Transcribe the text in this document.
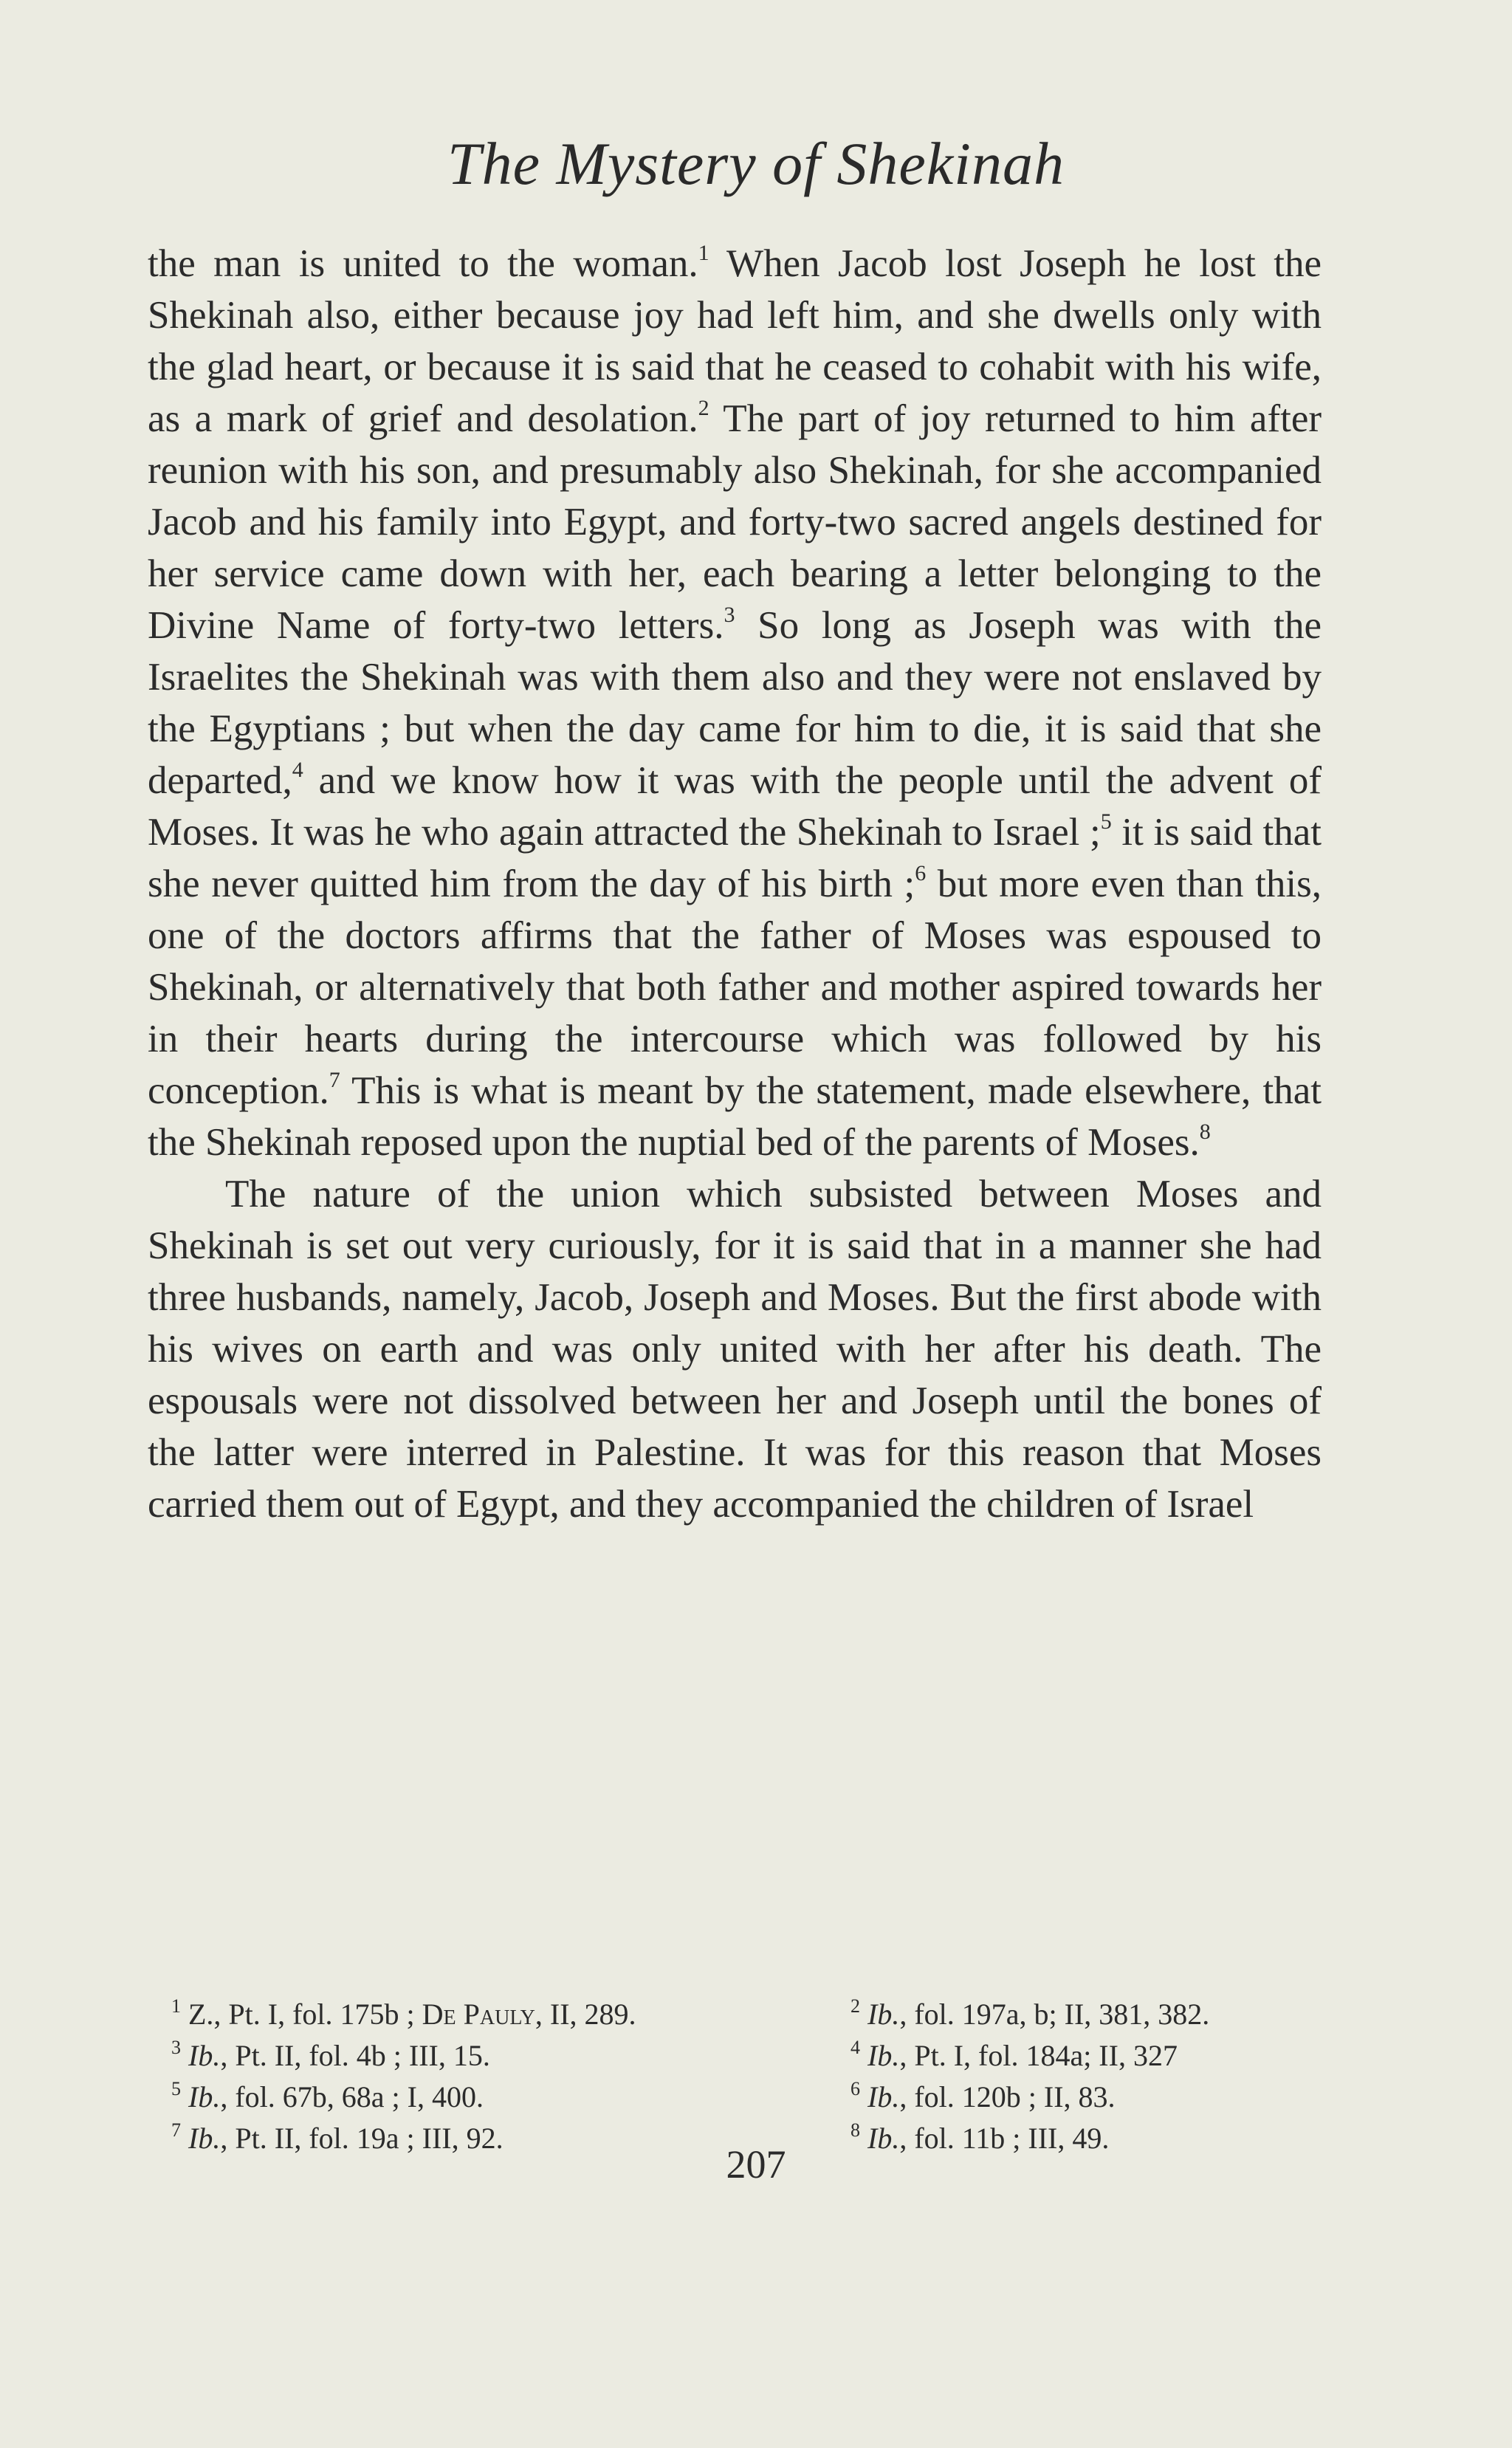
The Mystery of Shekinah

the man is united to the woman.$^1$ When Jacob lost Joseph he lost the Shekinah also, either because joy had left him, and she dwells only with the glad heart, or because it is said that he ceased to cohabit with his wife, as a mark of grief and desolation.$^2$ The part of joy returned to him after reunion with his son, and presumably also Shekinah, for she accompanied Jacob and his family into Egypt, and forty-two sacred angels destined for her service came down with her, each bearing a letter belonging to the Divine Name of forty-two letters.$^3$ So long as Joseph was with the Israelites the Shekinah was with them also and they were not enslaved by the Egyptians ; but when the day came for him to die, it is said that she departed,$^4$ and we know how it was with the people until the advent of Moses. It was he who again attracted the Shekinah to Israel ;$^5$ it is said that she never quitted him from the day of his birth ;$^6$ but more even than this, one of the doctors affirms that the father of Moses was espoused to Shekinah, or alternatively that both father and mother aspired towards her in their hearts during the intercourse which was followed by his conception.$^7$ This is what is meant by the statement, made elsewhere, that the Shekinah reposed upon the nuptial bed of the parents of Moses.$^8$

The nature of the union which subsisted between Moses and Shekinah is set out very curiously, for it is said that in a manner she had three husbands, namely, Jacob, Joseph and Moses. But the first abode with his wives on earth and was only united with her after his death. The espousals were not dissolved between her and Joseph until the bones of the latter were interred in Palestine. It was for this reason that Moses carried them out of Egypt, and they accompanied the children of Israel

$^1$ Z., Pt. I, fol. 175b ; De Pauly, II, 289.	$^2$ Ib., fol. 197a, b; II, 381, 382.
$^3$ Ib., Pt. II, fol. 4b ; III, 15.	$^4$ Ib., Pt. I, fol. 184a; II, 327
$^5$ Ib., fol. 67b, 68a ; I, 400.	$^6$ Ib., fol. 120b ; II, 83.
$^7$ Ib., Pt. II, fol. 19a ; III, 92.	$^8$ Ib., fol. 11b ; III, 49.
207
